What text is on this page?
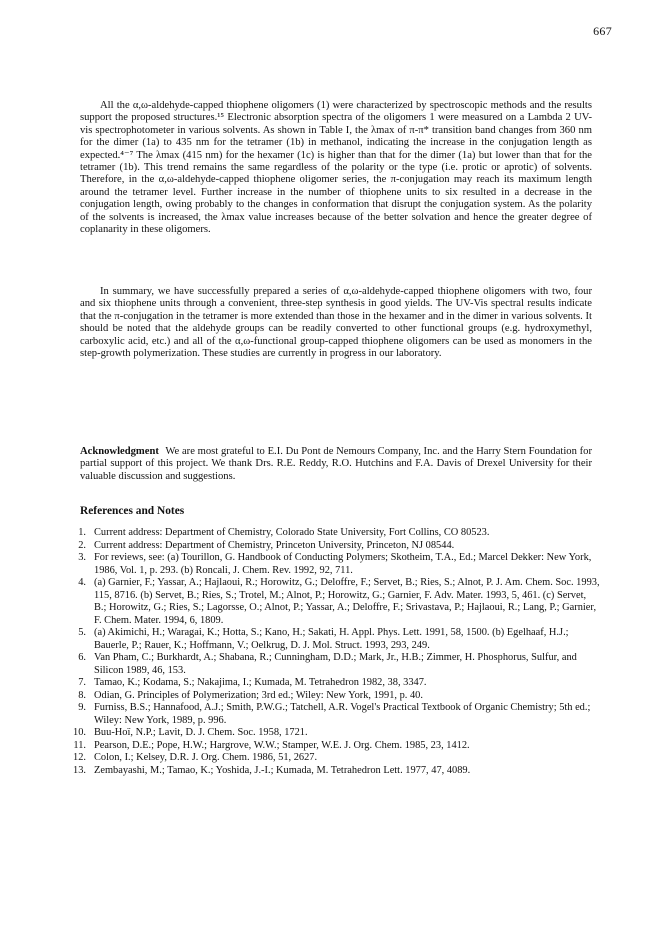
667

All the α,ω-aldehyde-capped thiophene oligomers (1) were characterized by spectroscopic methods and the results support the proposed structures.¹⁵ Electronic absorption spectra of the oligomers 1 were measured on a Lambda 2 UV-vis spectrophotometer in various solvents. As shown in Table I, the λmax of π-π* transition band changes from 360 nm for the dimer (1a) to 435 nm for the tetramer (1b) in methanol, indicating the increase in the conjugation length as expected.⁴⁻⁷ The λmax (415 nm) for the hexamer (1c) is higher than that for the dimer (1a) but lower than that for the tetramer (1b). This trend remains the same regardless of the polarity or the type (i.e. protic or aprotic) of solvents. Therefore, in the α,ω-aldehyde-capped thiophene oligomer series, the π-conjugation may reach its maximum length around the tetramer level. Further increase in the number of thiophene units to six resulted in a decrease in the conjugation length, owing probably to the changes in conformation that disrupt the conjugation system. As the polarity of the solvents is increased, the λmax value increases because of the better solvation and hence the greater degree of coplanarity in these oligomers.

In summary, we have successfully prepared a series of α,ω-aldehyde-capped thiophene oligomers with two, four and six thiophene units through a convenient, three-step synthesis in good yields. The UV-Vis spectral results indicate that the π-conjugation in the tetramer is more extended than those in the hexamer and in the dimer in various solvents. It should be noted that the aldehyde groups can be readily converted to other functional groups (e.g. hydroxymethyl, carboxylic acid, etc.) and all of the α,ω-functional group-capped thiophene oligomers can be used as monomers in the step-growth polymerization. These studies are currently in progress in our laboratory.

Acknowledgment We are most grateful to E.I. Du Pont de Nemours Company, Inc. and the Harry Stern Foundation for partial support of this project. We thank Drs. R.E. Reddy, R.O. Hutchins and F.A. Davis of Drexel University for their valuable discussion and suggestions.

References and Notes
1. Current address: Department of Chemistry, Colorado State University, Fort Collins, CO 80523.
2. Current address: Department of Chemistry, Princeton University, Princeton, NJ 08544.
3. For reviews, see: (a) Tourillon, G. Handbook of Conducting Polymers; Skotheim, T.A., Ed.; Marcel Dekker: New York, 1986, Vol. 1, p. 293. (b) Roncali, J. Chem. Rev. 1992, 92, 711.
4. (a) Garnier, F.; Yassar, A.; Hajlaoui, R.; Horowitz, G.; Deloffre, F.; Servet, B.; Ries, S.; Alnot, P. J. Am. Chem. Soc. 1993, 115, 8716. (b) Servet, B.; Ries, S.; Trotel, M.; Alnot, P.; Horowitz, G.; Garnier, F. Adv. Mater. 1993, 5, 461. (c) Servet, B.; Horowitz, G.; Ries, S.; Lagorsse, O.; Alnot, P.; Yassar, A.; Deloffre, F.; Srivastava, P.; Hajlaoui, R.; Lang, P.; Garnier, F. Chem. Mater. 1994, 6, 1809.
5. (a) Akimichi, H.; Waragai, K.; Hotta, S.; Kano, H.; Sakati, H. Appl. Phys. Lett. 1991, 58, 1500. (b) Egelhaaf, H.J.; Bauerle, P.; Rauer, K.; Hoffmann, V.; Oelkrug, D. J. Mol. Struct. 1993, 293, 249.
6. Van Pham, C.; Burkhardt, A.; Shabana, R.; Cunningham, D.D.; Mark, Jr., H.B.; Zimmer, H. Phosphorus, Sulfur, and Silicon 1989, 46, 153.
7. Tamao, K.; Kodama, S.; Nakajima, I.; Kumada, M. Tetrahedron 1982, 38, 3347.
8. Odian, G. Principles of Polymerization; 3rd ed.; Wiley: New York, 1991, p. 40.
9. Furniss, B.S.; Hannafood, A.J.; Smith, P.W.G.; Tatchell, A.R. Vogel's Practical Textbook of Organic Chemistry; 5th ed.; Wiley: New York, 1989, p. 996.
10. Buu-Hoï, N.P.; Lavit, D. J. Chem. Soc. 1958, 1721.
11. Pearson, D.E.; Pope, H.W.; Hargrove, W.W.; Stamper, W.E. J. Org. Chem. 1985, 23, 1412.
12. Colon, I.; Kelsey, D.R. J. Org. Chem. 1986, 51, 2627.
13. Zembayashi, M.; Tamao, K.; Yoshida, J.-I.; Kumada, M. Tetrahedron Lett. 1977, 47, 4089.
